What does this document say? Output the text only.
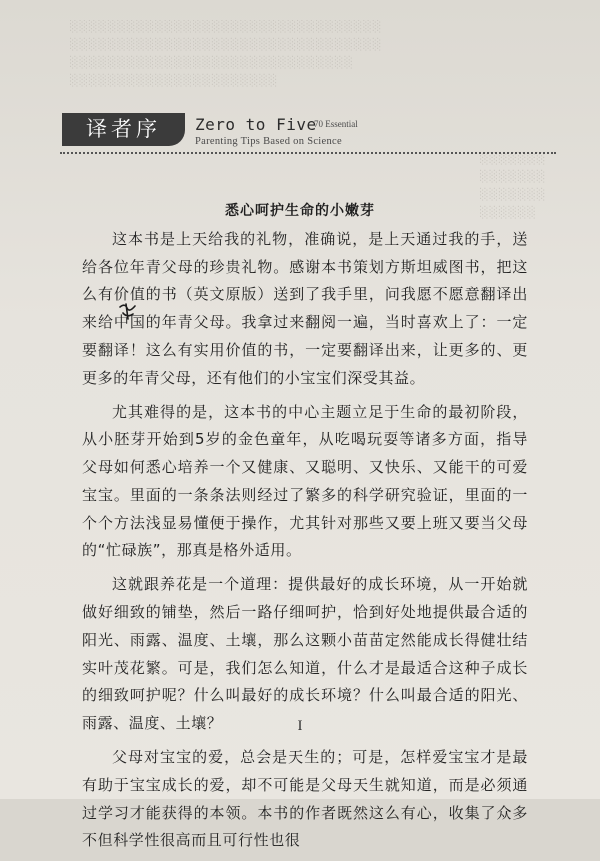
░░░░░░░░░░░░░░░░░░░░░░░░░░░░░░░░░
░░░░░░░░░░░░░░░░░░░░░░░░░░░░░░░░░
░░░░░░░░░░░░░░░░░░░░░░░░░░░░░░
░░░░░░░░░░░░░░░░░░░░░░
░░░░░░░
░░░░░░░
░░░░░░░
░░░░░░
译者序	Zero to Five
70 Essential
Parenting Tips Based on Science
悉心呵护生命的小嫩芽

这本书是上天给我的礼物，准确说，是上天通过我的手，送给各位年青父母的珍贵礼物。感谢本书策划方斯坦威图书，把这么有价值的书（英文原版）送到了我手里，问我愿不愿意翻译出来给中国的年青父母。我拿过来翻阅一遍，当时喜欢上了：一定要翻译！这么有实用价值的书，一定要翻译出来，让更多的、更更多的年青父母，还有他们的小宝宝们深受其益。

尤其难得的是，这本书的中心主题立足于生命的最初阶段，从小胚芽开始到5岁的金色童年，从吃喝玩耍等诸多方面，指导父母如何悉心培养一个又健康、又聪明、又快乐、又能干的可爱宝宝。里面的一条条法则经过了繁多的科学研究验证，里面的一个个方法浅显易懂便于操作，尤其针对那些又要上班又要当父母的“忙碌族”，那真是格外适用。

这就跟养花是一个道理：提供最好的成长环境，从一开始就做好细致的铺垫，然后一路仔细呵护，恰到好处地提供最合适的阳光、雨露、温度、土壤，那么这颗小苗苗定然能成长得健壮结实叶茂花繁。可是，我们怎么知道，什么才是最适合这种子成长的细致呵护呢？什么叫最好的成长环境？什么叫最合适的阳光、雨露、温度、土壤？

父母对宝宝的爱，总会是天生的；可是，怎样爱宝宝才是最有助于宝宝成长的爱，却不可能是父母天生就知道，而是必须通过学习才能获得的本领。本书的作者既然这么有心，收集了众多不但科学性很高而且可行性也很

I
